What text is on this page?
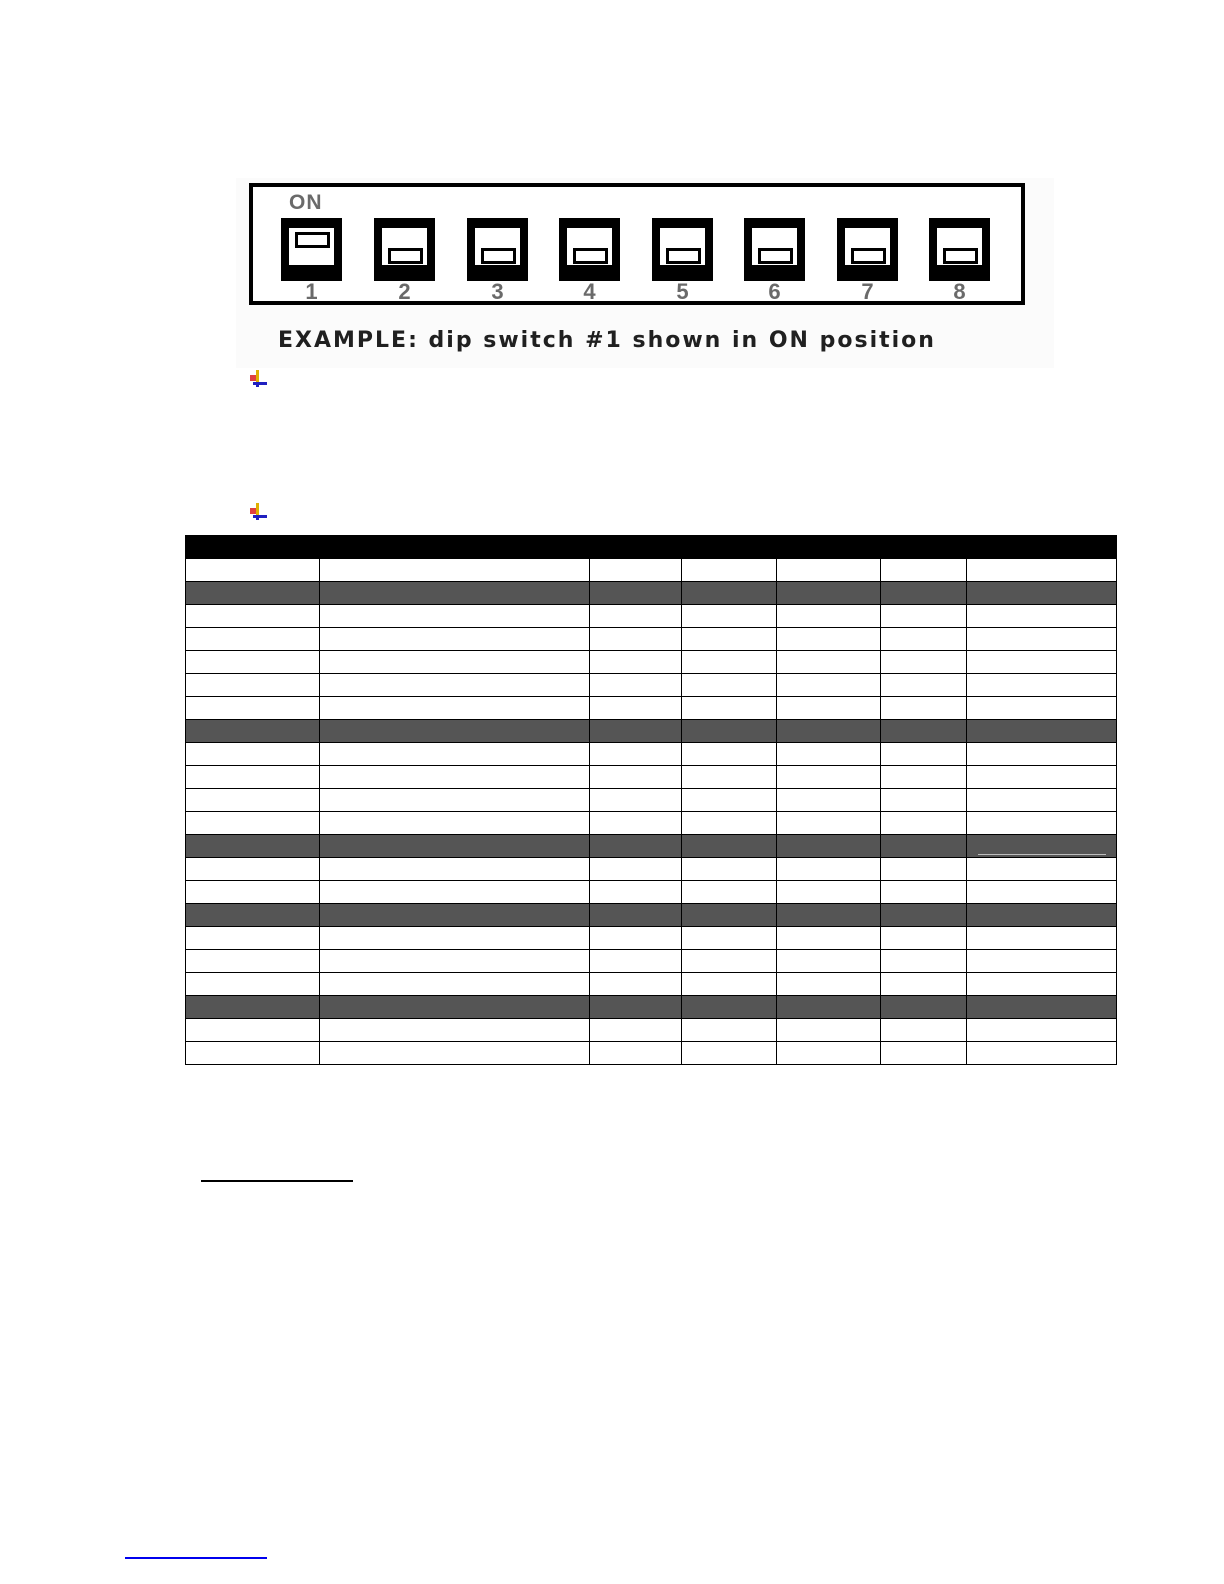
ON
1	2	3	4	5	6	7	8
EXAMPLE: dip switch #1 shown in ON position
